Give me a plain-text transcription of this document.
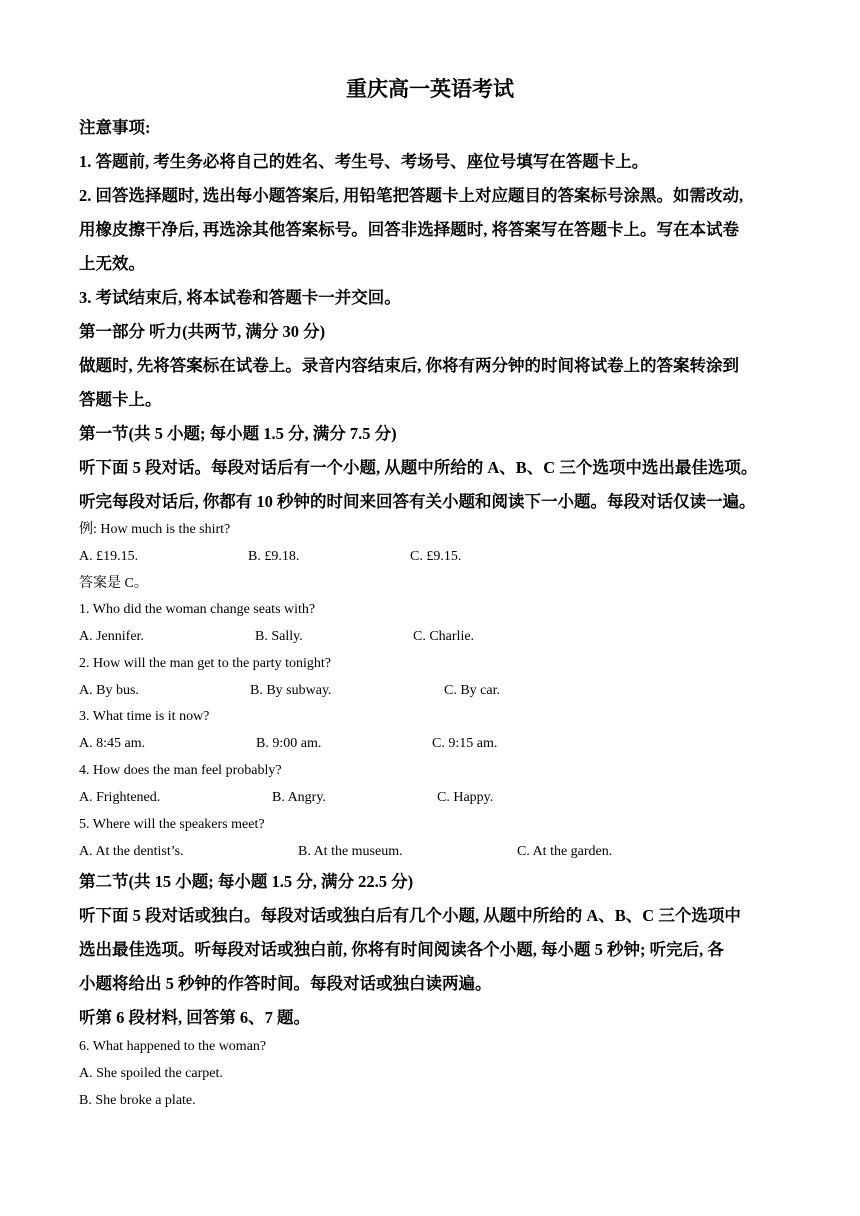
重庆高一英语考试
注意事项:
1. 答题前, 考生务必将自己的姓名、考生号、考场号、座位号填写在答题卡上。
2. 回答选择题时, 选出每小题答案后, 用铅笔把答题卡上对应题目的答案标号涂黑。如需改动,
用橡皮擦干净后, 再选涂其他答案标号。回答非选择题时, 将答案写在答题卡上。写在本试卷
上无效。
3. 考试结束后, 将本试卷和答题卡一并交回。
第一部分 听力(共两节, 满分 30 分)
做题时, 先将答案标在试卷上。录音内容结束后, 你将有两分钟的时间将试卷上的答案转涂到
答题卡上。
第一节(共 5 小题; 每小题 1.5 分, 满分 7.5 分)
听下面 5 段对话。每段对话后有一个小题, 从题中所给的 A、B、C 三个选项中选出最佳选项。
听完每段对话后, 你都有 10 秒钟的时间来回答有关小题和阅读下一小题。每段对话仅读一遍。
例: How much is the shirt?
A. £19.15.	B. £9.18.	C. £9.15.
答案是 C。
1. Who did the woman change seats with?
A. Jennifer.	B. Sally.	C. Charlie.
2. How will the man get to the party tonight?
A. By bus.	B. By subway.	C. By car.
3. What time is it now?
A. 8:45 am.	B. 9:00 am.	C. 9:15 am.
4. How does the man feel probably?
A. Frightened.	B. Angry.	C. Happy.
5. Where will the speakers meet?
A. At the dentist’s.	B. At the museum.	C. At the garden.
第二节(共 15 小题; 每小题 1.5 分, 满分 22.5 分)
听下面 5 段对话或独白。每段对话或独白后有几个小题, 从题中所给的 A、B、C 三个选项中
选出最佳选项。听每段对话或独白前, 你将有时间阅读各个小题, 每小题 5 秒钟; 听完后, 各
小题将给出 5 秒钟的作答时间。每段对话或独白读两遍。
听第 6 段材料, 回答第 6、7 题。
6. What happened to the woman?
A. She spoiled the carpet.
B. She broke a plate.
